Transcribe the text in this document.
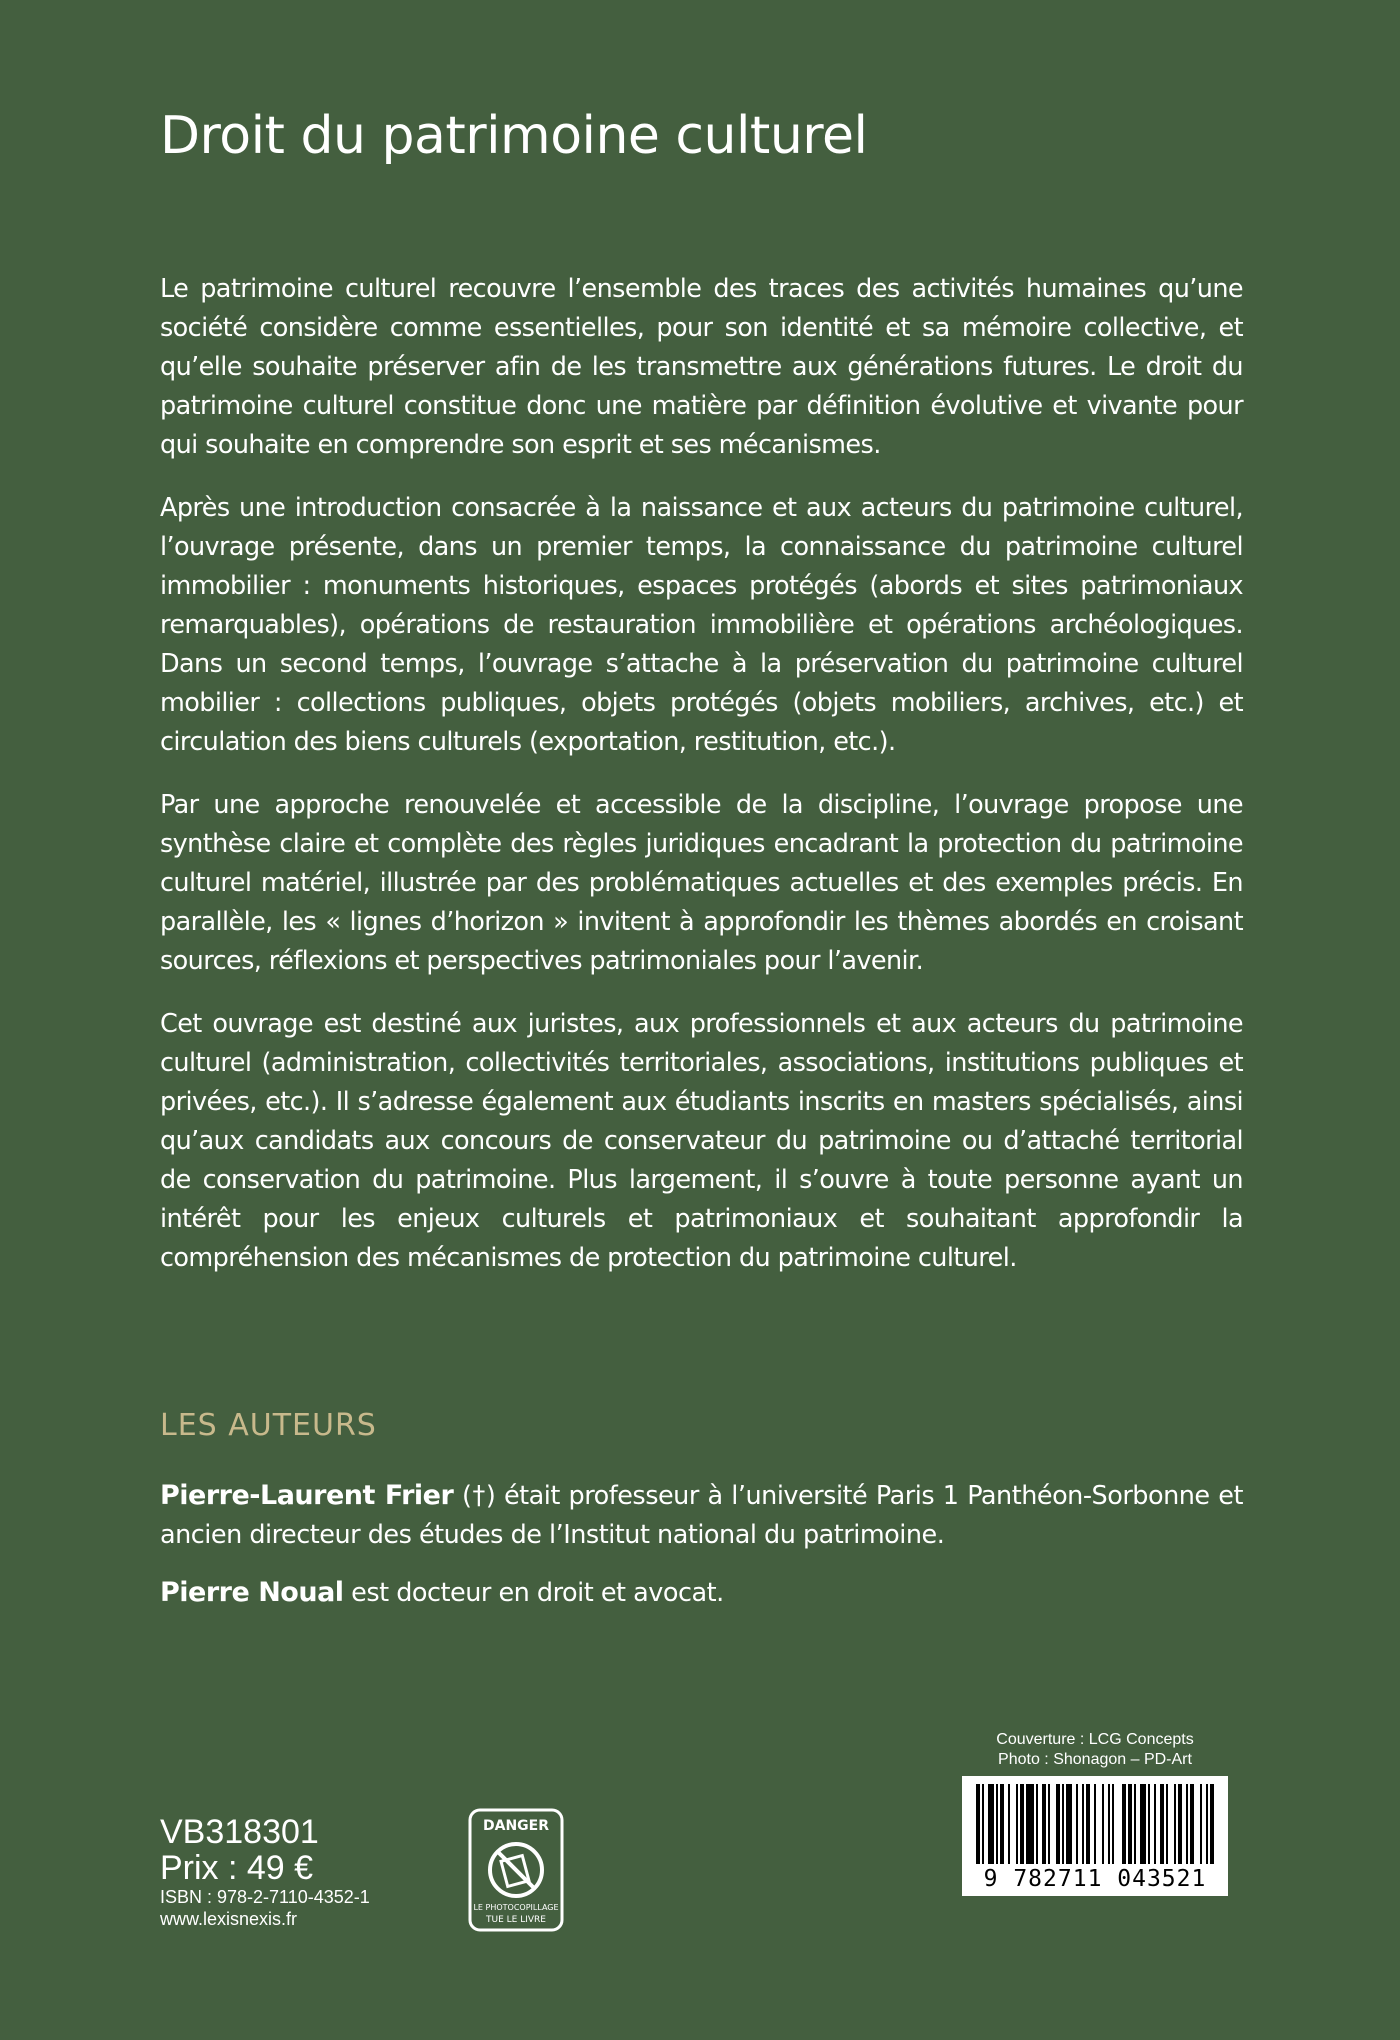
Droit du patrimoine culturel

Le patrimoine culturel recouvre l’ensemble des traces des activités humaines qu’une société considère comme essentielles, pour son identité et sa mémoire collective, et qu’elle souhaite préserver afin de les transmettre aux générations futures. Le droit du patrimoine culturel constitue donc une matière par définition évolutive et vivante pour qui souhaite en comprendre son esprit et ses mécanismes.

Après une introduction consacrée à la naissance et aux acteurs du patrimoine culturel, l’ouvrage présente, dans un premier temps, la connaissance du patrimoine culturel immobilier : monuments historiques, espaces protégés (abords et sites patrimoniaux remarquables), opérations de restauration immobilière et opérations archéologiques. Dans un second temps, l’ouvrage s’attache à la préservation du patrimoine culturel mobilier : collections publiques, objets protégés (objets mobiliers, archives, etc.) et circulation des biens culturels (exportation, restitution, etc.).

Par une approche renouvelée et accessible de la discipline, l’ouvrage propose une synthèse claire et complète des règles juridiques encadrant la protection du patrimoine culturel matériel, illustrée par des problématiques actuelles et des exemples précis. En parallèle, les « lignes d’horizon » invitent à approfondir les thèmes abordés en croisant sources, réflexions et perspectives patrimoniales pour l’avenir.

Cet ouvrage est destiné aux juristes, aux professionnels et aux acteurs du patrimoine culturel (administration, collectivités territoriales, associations, institutions publiques et privées, etc.). Il s’adresse également aux étudiants inscrits en masters spécialisés, ainsi qu’aux candidats aux concours de conservateur du patrimoine ou d’attaché territorial de conservation du patrimoine. Plus largement, il s’ouvre à toute personne ayant un intérêt pour les enjeux culturels et patrimoniaux et souhaitant approfondir la compréhension des mécanismes de protection du patrimoine culturel.

LES AUTEURS

Pierre-Laurent Frier (†) était professeur à l’université Paris 1 Panthéon-Sorbonne et ancien directeur des études de l’Institut national du patrimoine.

Pierre Noual est docteur en droit et avocat.

Couverture : LCG Concepts
Photo : Shonagon – PD-Art
9 782711 043521
VB318301
Prix : 49 €
ISBN : 978-2-7110-4352-1
www.lexisnexis.fr
DANGER
LE PHOTOCOPILLAGE
TUE LE LIVRE
